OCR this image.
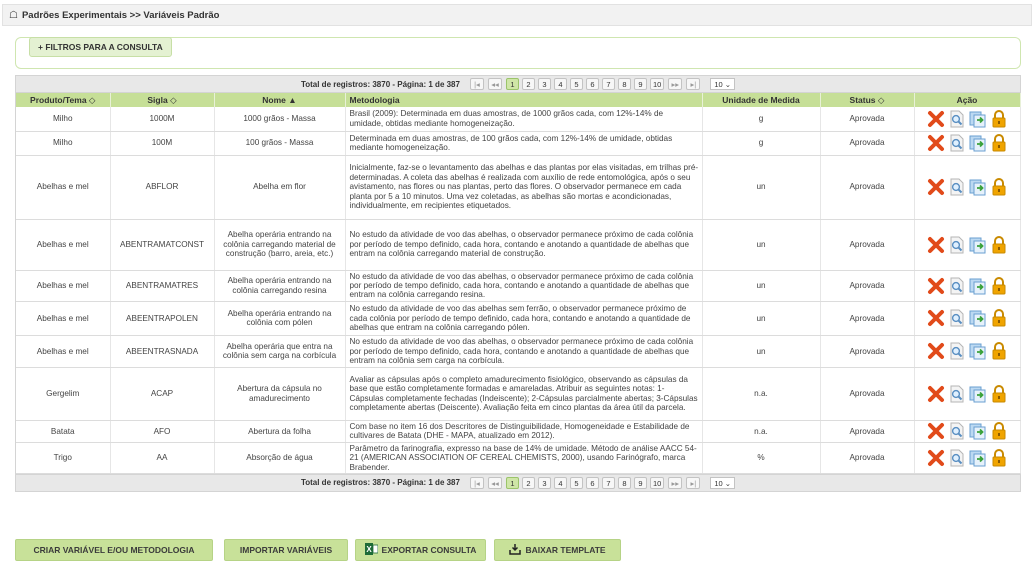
☖ Padrões Experimentais >> Variáveis Padrão
+ FILTROS PARA A CONSULTA
Total de registros: 3870 - Página: 1 de 387	|◂	◂◂	1	2	3	4	5	6	7	8	9	10	▸▸	▸|	10 ⌄
Produto/Tema ◇	Sigla ◇	Nome ▲	Metodologia	Unidade de Medida	Status ◇	Ação
Milho	1000M	1000 grãos - Massa	Brasil (2009): Determinada em duas amostras, de 1000 grãos cada, com 12%-14% de umidade, obtidas mediante homogeneização.	g	Aprovada	

Milho	100M	100 grãos - Massa	Determinada em duas amostras, de 100 grãos cada, com 12%-14% de umidade, obtidas mediante homogeneização.	g	Aprovada	

Abelhas e mel	ABFLOR	Abelha em flor	Inicialmente, faz-se o levantamento das abelhas e das plantas por elas visitadas, em trilhas pré-determinadas. A coleta das abelhas é realizada com auxílio de rede entomológica, após o seu avistamento, nas flores ou nas plantas, perto das flores. O observador permanece em cada planta por 5 a 10 minutos. Uma vez coletadas, as abelhas são mortas e acondicionadas, individualmente, em recipientes etiquetados.	un	Aprovada	

Abelhas e mel	ABENTRAMATCONST	Abelha operária entrando na colônia carregando material de construção (barro, areia, etc.)	No estudo da atividade de voo das abelhas, o observador permanece próximo de cada colônia por período de tempo definido, cada hora, contando e anotando a quantidade de abelhas que entram na colônia carregando material de construção.	un	Aprovada	

Abelhas e mel	ABENTRAMATRES	Abelha operária entrando na colônia carregando resina	No estudo da atividade de voo das abelhas, o observador permanece próximo de cada colônia por período de tempo definido, cada hora, contando e anotando a quantidade de abelhas que entram na colônia carregando resina.	un	Aprovada	

Abelhas e mel	ABEENTRAPOLEN	Abelha operária entrando na colônia com pólen	No estudo da atividade de voo das abelhas sem ferrão, o observador permanece próximo de cada colônia por período de tempo definido, cada hora, contando e anotando a quantidade de abelhas que entram na colônia carregando pólen.	un	Aprovada	

Abelhas e mel	ABEENTRASNADA	Abelha operária que entra na colônia sem carga na corbícula	No estudo da atividade de voo das abelhas, o observador permanece próximo de cada colônia por período de tempo definido, cada hora, contando e anotando a quantidade de abelhas que entram na colônia sem carga na corbícula.	un	Aprovada	

Gergelim	ACAP	Abertura da cápsula no amadurecimento	Avaliar as cápsulas após o completo amadurecimento fisiológico, observando as cápsulas da base que estão completamente formadas e amareladas. Atribuir as seguintes notas: 1-Cápsulas completamente fechadas (Indeiscente); 2-Cápsulas parcialmente abertas; 3-Cápsulas completamente abertas (Deiscente). Avaliação feita em cinco plantas da área útil da parcela.	n.a.	Aprovada	

Batata	AFO	Abertura da folha	Com base no item 16 dos Descritores de Distinguibilidade, Homogeneidade e Estabilidade de cultivares de Batata (DHE - MAPA, atualizado em 2012).	n.a.	Aprovada	

Trigo	AA	Absorção de água	Parâmetro da farinografia, expresso na base de 14% de umidade. Método de análise AACC 54-21 (AMERICAN ASSOCIATION OF CEREAL CHEMISTS, 2000), usando Farinógrafo, marca Brabender.	%	Aprovada	
Total de registros: 3870 - Página: 1 de 387	|◂	◂◂	1	2	3	4	5	6	7	8	9	10	▸▸	▸|	10 ⌄
CRIAR VARIÁVEL E/OU METODOLOGIA	IMPORTAR VARIÁVEIS	X EXPORTAR CONSULTA	BAIXAR TEMPLATE
